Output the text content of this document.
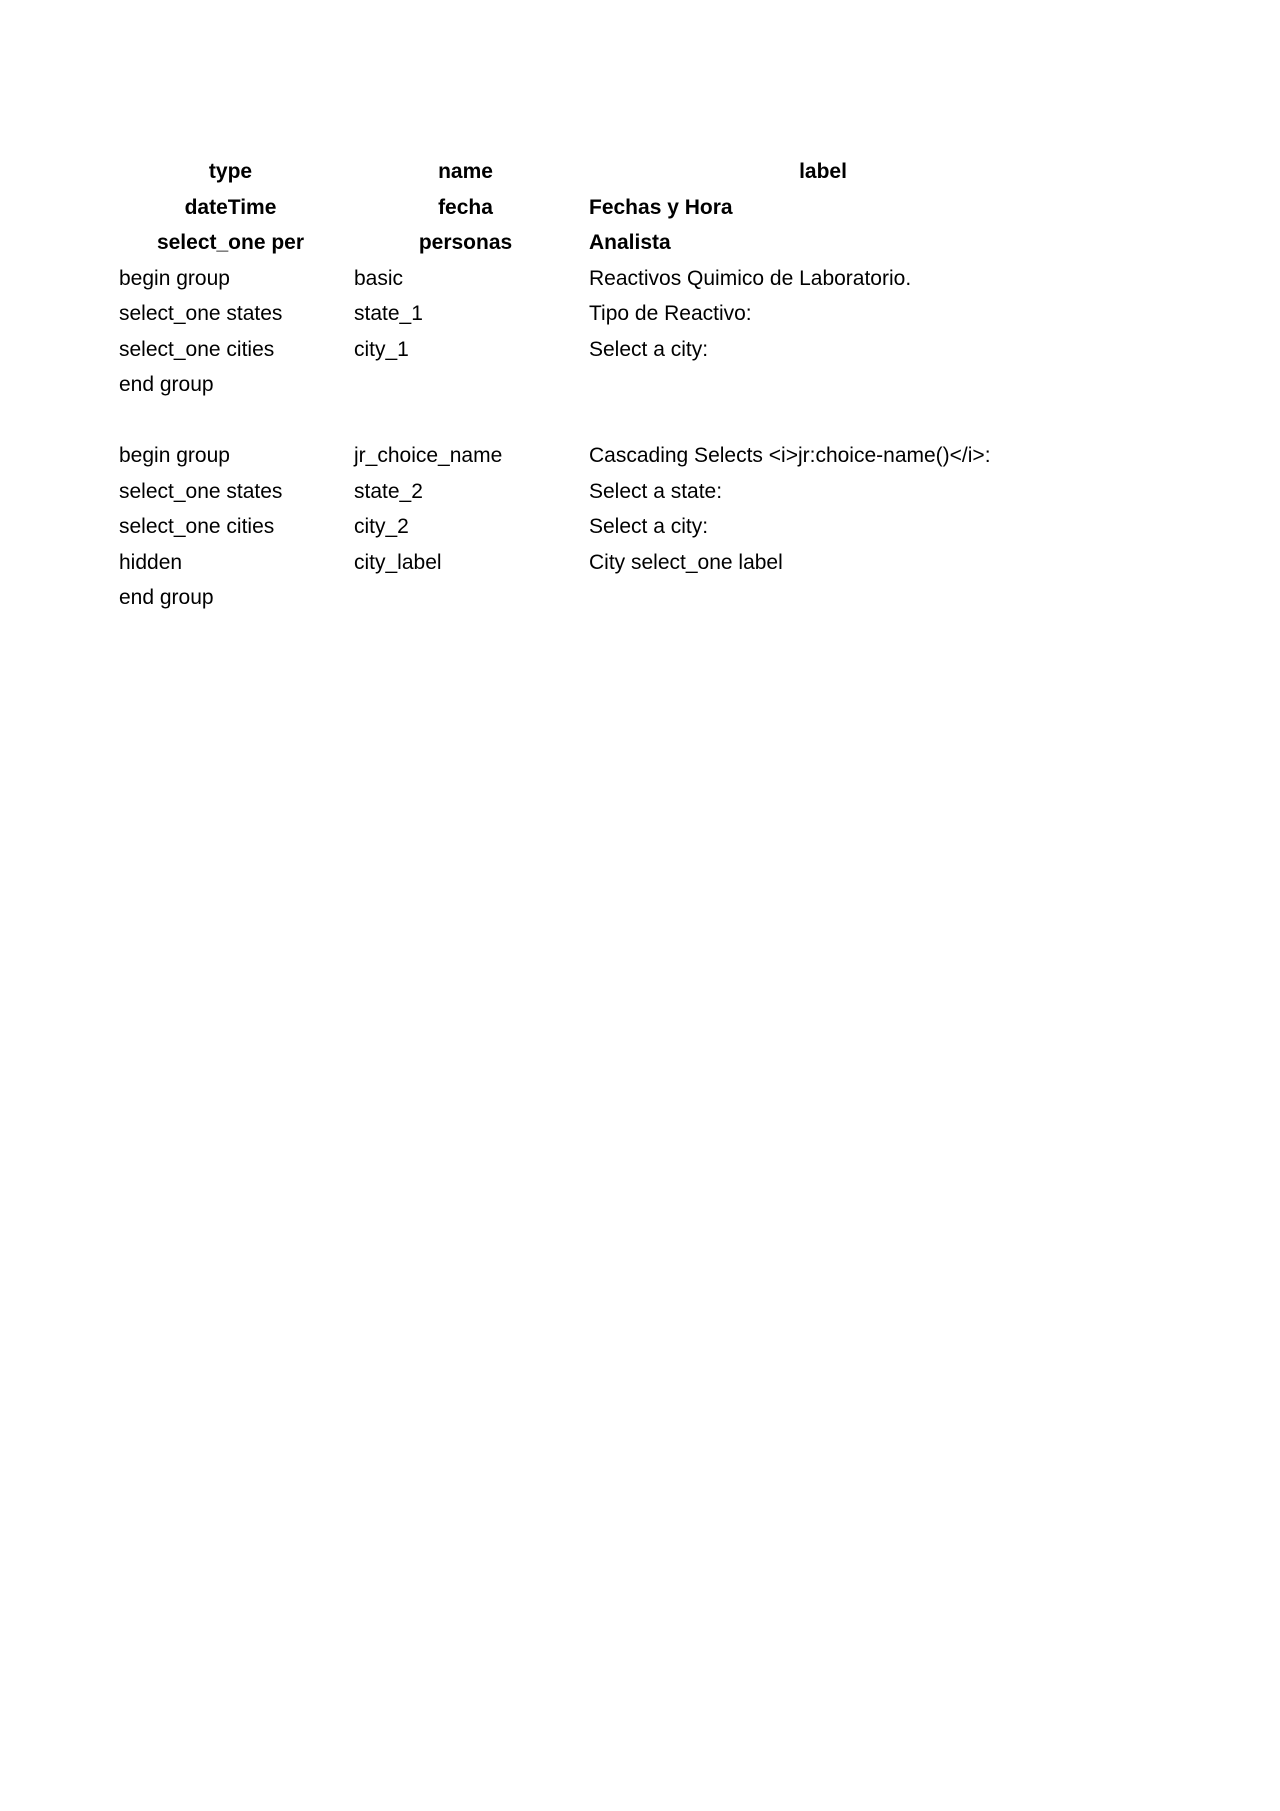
type	name	label
dateTime	fecha	Fechas y Hora
select_one per	personas	Analista
begin group	basic	Reactivos Quimico de Laboratorio.
select_one states	state_1	Tipo de Reactivo:
select_one cities	city_1	Select a city:
end group		

begin group	jr_choice_name	Cascading Selects <i>jr:choice-name()</i>:
select_one states	state_2	Select a state:
select_one cities	city_2	Select a city:
hidden	city_label	City select_one label
end group		
